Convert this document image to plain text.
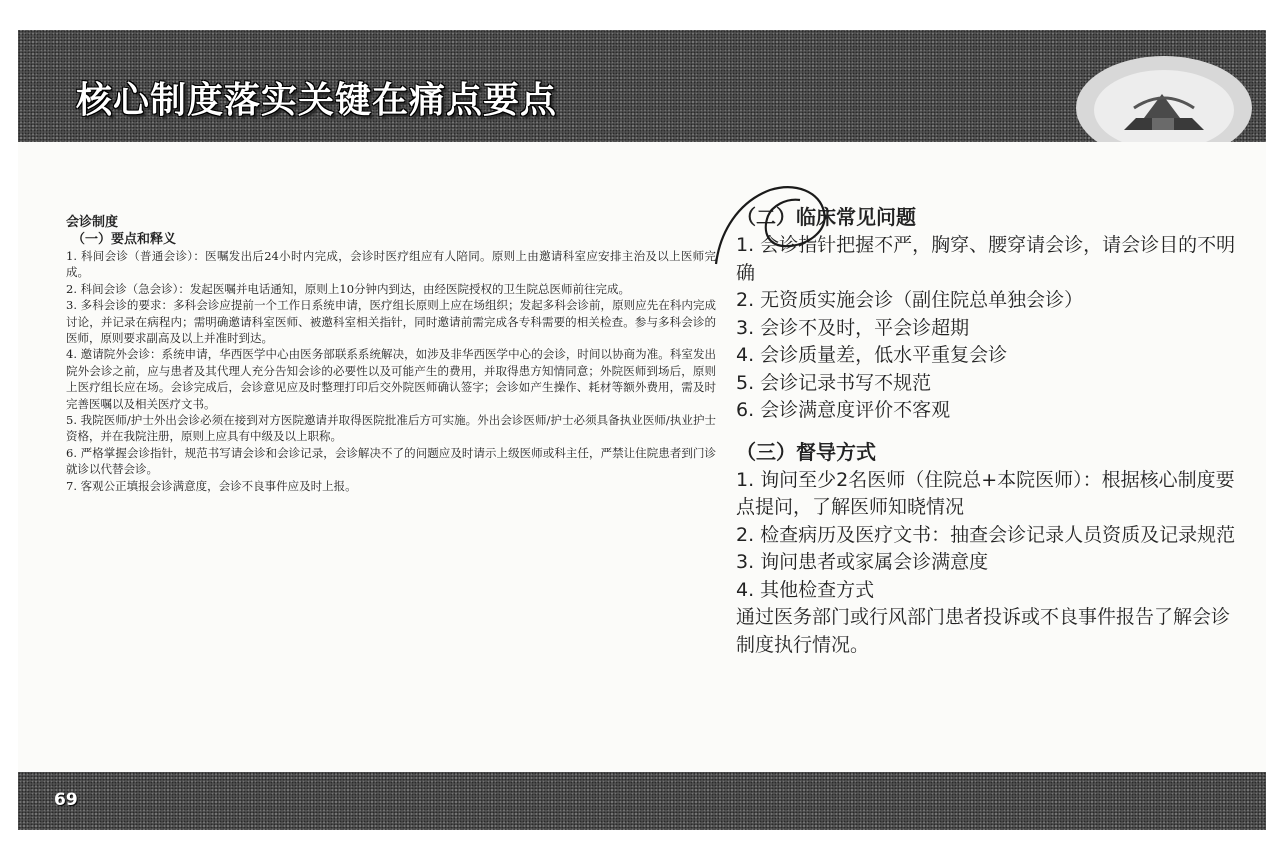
核心制度落实关键在痛点要点
会诊制度
（一）要点和释义

1. 科间会诊（普通会诊）：医嘱发出后24小时内完成，会诊时医疗组应有人陪同。原则上由邀请科室应安排主治及以上医师完成。

2. 科间会诊（急会诊）：发起医嘱并电话通知，原则上10分钟内到达，由经医院授权的卫生院总医师前往完成。

3. 多科会诊的要求：多科会诊应提前一个工作日系统申请，医疗组长原则上应在场组织；发起多科会诊前，原则应先在科内完成讨论，并记录在病程内；需明确邀请科室医师、被邀科室相关指针，同时邀请前需完成各专科需要的相关检查。参与多科会诊的医师，原则要求副高及以上并准时到达。

4. 邀请院外会诊：系统申请，华西医学中心由医务部联系系统解决，如涉及非华西医学中心的会诊，时间以协商为准。科室发出院外会诊之前，应与患者及其代理人充分告知会诊的必要性以及可能产生的费用，并取得患方知情同意；外院医师到场后，原则上医疗组长应在场。会诊完成后，会诊意见应及时整理打印后交外院医师确认签字；会诊如产生操作、耗材等额外费用，需及时完善医嘱以及相关医疗文书。

5. 我院医师/护士外出会诊必须在接到对方医院邀请并取得医院批准后方可实施。外出会诊医师/护士必须具备执业医师/执业护士资格，并在我院注册，原则上应具有中级及以上职称。

6. 严格掌握会诊指针，规范书写请会诊和会诊记录，会诊解决不了的问题应及时请示上级医师或科主任，严禁让住院患者到门诊就诊以代替会诊。

7. 客观公正填报会诊满意度，会诊不良事件应及时上报。

（二）临床常见问题

1. 会诊指针把握不严，胸穿、腰穿请会诊，请会诊目的不明确

2. 无资质实施会诊（副住院总单独会诊）

3. 会诊不及时，平会诊超期

4. 会诊质量差，低水平重复会诊

5. 会诊记录书写不规范

6. 会诊满意度评价不客观

（三）督导方式

1. 询问至少2名医师（住院总+本院医师）：根据核心制度要点提问，了解医师知晓情况

2. 检查病历及医疗文书：抽查会诊记录人员资质及记录规范

3. 询问患者或家属会诊满意度

4. 其他检查方式

通过医务部门或行风部门患者投诉或不良事件报告了解会诊制度执行情况。

69
